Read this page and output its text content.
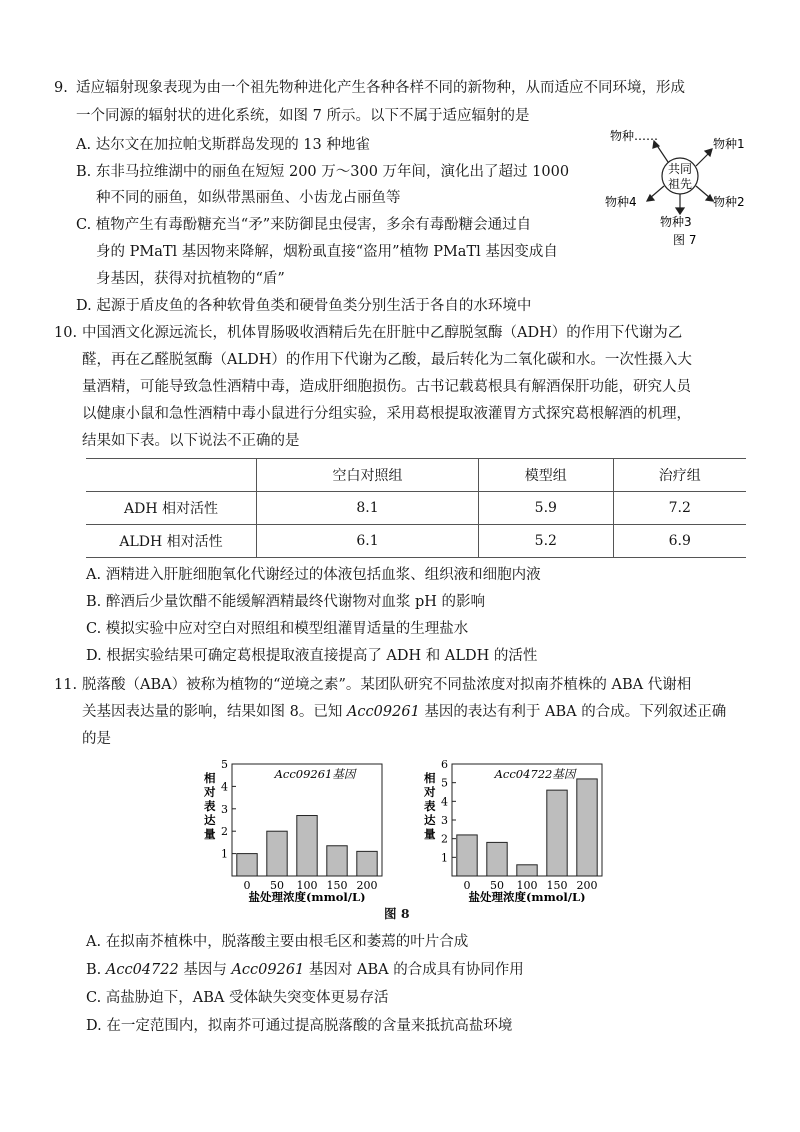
9. 适应辐射现象表现为由一个祖先物种进化产生各种各样不同的新物种，从而适应不同环境，形成
一个同源的辐射状的进化系统，如图 7 所示。以下不属于适应辐射的是
A. 达尔文在加拉帕戈斯群岛发现的 13 种地雀
B. 东非马拉维湖中的丽鱼在短短 200 万～300 万年间，演化出了超过 1000
种不同的丽鱼，如纵带黑丽鱼、小齿龙占丽鱼等
C. 植物产生有毒酚糖充当“矛”来防御昆虫侵害，多余有毒酚糖会通过自
身的 PMaTl 基因物来降解，烟粉虱直接“盗用”植物 PMaTl 基因变成自
身基因，获得对抗植物的“盾”
D. 起源于盾皮鱼的各种软骨鱼类和硬骨鱼类分别生活于各自的水环境中
共同
祖先
物种……
物种1
物种2
物种3
物种4
图 7
10. 中国酒文化源远流长，机体胃肠吸收酒精后先在肝脏中乙醇脱氢酶（ADH）的作用下代谢为乙
醛，再在乙醛脱氢酶（ALDH）的作用下代谢为乙酸，最后转化为二氧化碳和水。一次性摄入大
量酒精，可能导致急性酒精中毒，造成肝细胞损伤。古书记载葛根具有解酒保肝功能，研究人员
以健康小鼠和急性酒精中毒小鼠进行分组实验，采用葛根提取液灌胃方式探究葛根解酒的机理，
结果如下表。以下说法不正确的是
	空白对照组	模型组	治疗组
ADH 相对活性	8.1	5.9	7.2
ALDH 相对活性	6.1	5.2	6.9
A. 酒精进入肝脏细胞氧化代谢经过的体液包括血浆、组织液和细胞内液
B. 醉酒后少量饮醋不能缓解酒精最终代谢物对血浆 pH 的影响
C. 模拟实验中应对空白对照组和模型组灌胃适量的生理盐水
D. 根据实验结果可确定葛根提取液直接提高了 ADH 和 ALDH 的活性
11. 脱落酸（ABA）被称为植物的“逆境之素”。某团队研究不同盐浓度对拟南芥植株的 ABA 代谢相
关基因表达量的影响，结果如图 8。已知 Acc09261 基因的表达有利于 ABA 的合成。下列叙述正确
的是
1
2
3
4
5
相
对
表
达
量
Acc09261基因
0 50 100 150 200
盐处理浓度(mmol/L)
1
2
3
4
5
6
相
对
表
达
量
Acc04722基因
0 50 100 150 200
盐处理浓度(mmol/L)
图 8
A. 在拟南芥植株中，脱落酸主要由根毛区和萎蔫的叶片合成
B. Acc04722 基因与 Acc09261 基因对 ABA 的合成具有协同作用
C. 高盐胁迫下，ABA 受体缺失突变体更易存活
D. 在一定范围内，拟南芥可通过提高脱落酸的含量来抵抗高盐环境
